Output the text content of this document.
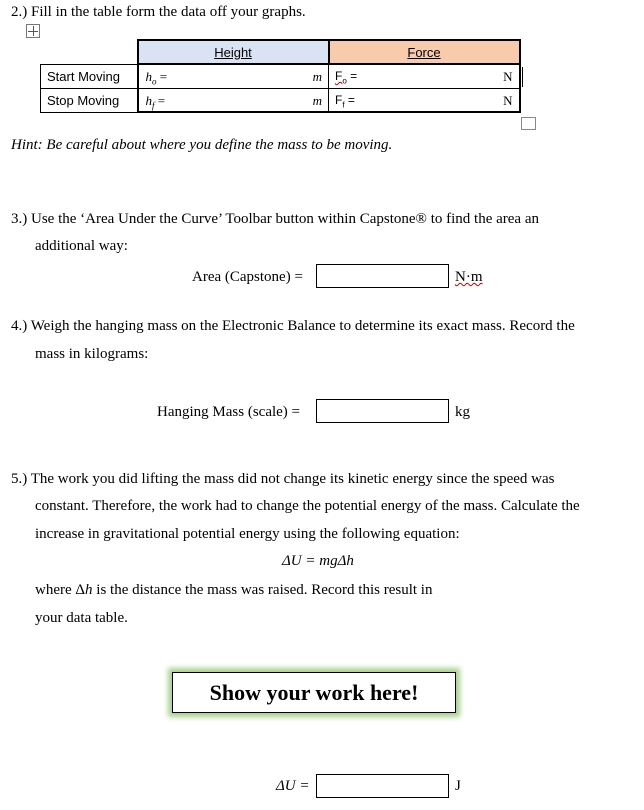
2.) Fill in the table form the data off your graphs.
	Height	Force
Start Moving	$h_o = m$	$F_o = N$

Stop Moving	$h_f = m$	$F_f = N$
Hint: Be careful about where you define the mass to be moving.
3.) Use the ‘Area Under the Curve’ Toolbar button within Capstone® to find the area an
additional way:
Area (Capstone) =	N·m
4.) Weigh the hanging mass on the Electronic Balance to determine its exact mass. Record the
mass in kilograms:
Hanging Mass (scale) =	kg
5.) The work you did lifting the mass did not change its kinetic energy since the speed was
constant. Therefore, the work had to change the potential energy of the mass. Calculate the
increase in gravitational potential energy using the following equation:
ΔU = mgΔh
where Δh is the distance the mass was raised. Record this result in
your data table.
Show your work here!
ΔU =	J
